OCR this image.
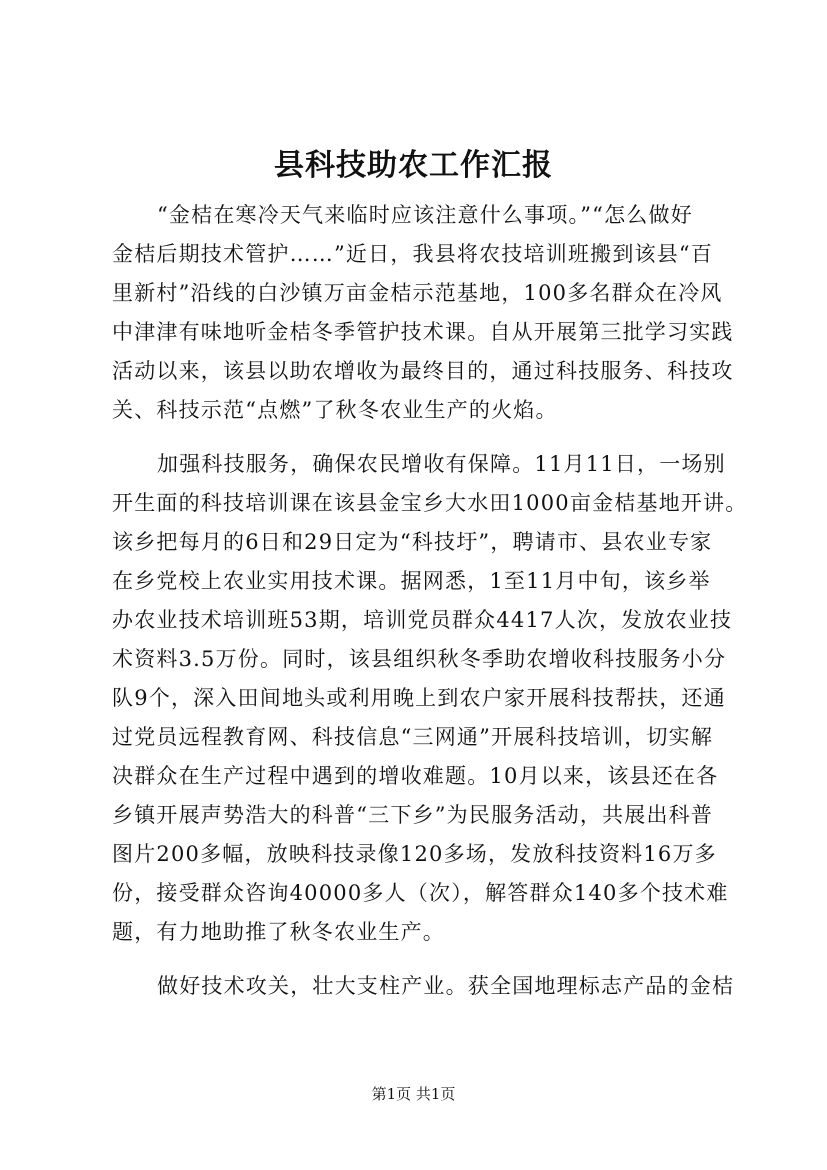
县科技助农工作汇报
“金桔在寒冷天气来临时应该注意什么事项。”“怎么做好
金桔后期技术管护……”近日，我县将农技培训班搬到该县“百
里新村”沿线的白沙镇万亩金桔示范基地，100多名群众在冷风
中津津有味地听金桔冬季管护技术课。自从开展第三批学习实践
活动以来，该县以助农增收为最终目的，通过科技服务、科技攻
关、科技示范“点燃”了秋冬农业生产的火焰。
加强科技服务，确保农民增收有保障。11月11日，一场别
开生面的科技培训课在该县金宝乡大水田1000亩金桔基地开讲。
该乡把每月的6日和29日定为“科技圩”，聘请市、县农业专家
在乡党校上农业实用技术课。据网悉，1至11月中旬，该乡举
办农业技术培训班53期，培训党员群众4417人次，发放农业技
术资料3.5万份。同时，该县组织秋冬季助农增收科技服务小分
队9个，深入田间地头或利用晚上到农户家开展科技帮扶，还通
过党员远程教育网、科技信息“三网通”开展科技培训，切实解
决群众在生产过程中遇到的增收难题。10月以来，该县还在各
乡镇开展声势浩大的科普“三下乡”为民服务活动，共展出科普
图片200多幅，放映科技录像120多场，发放科技资料16万多
份，接受群众咨询40000多人（次），解答群众140多个技术难
题，有力地助推了秋冬农业生产。
做好技术攻关，壮大支柱产业。获全国地理标志产品的金桔
第1页 共1页
